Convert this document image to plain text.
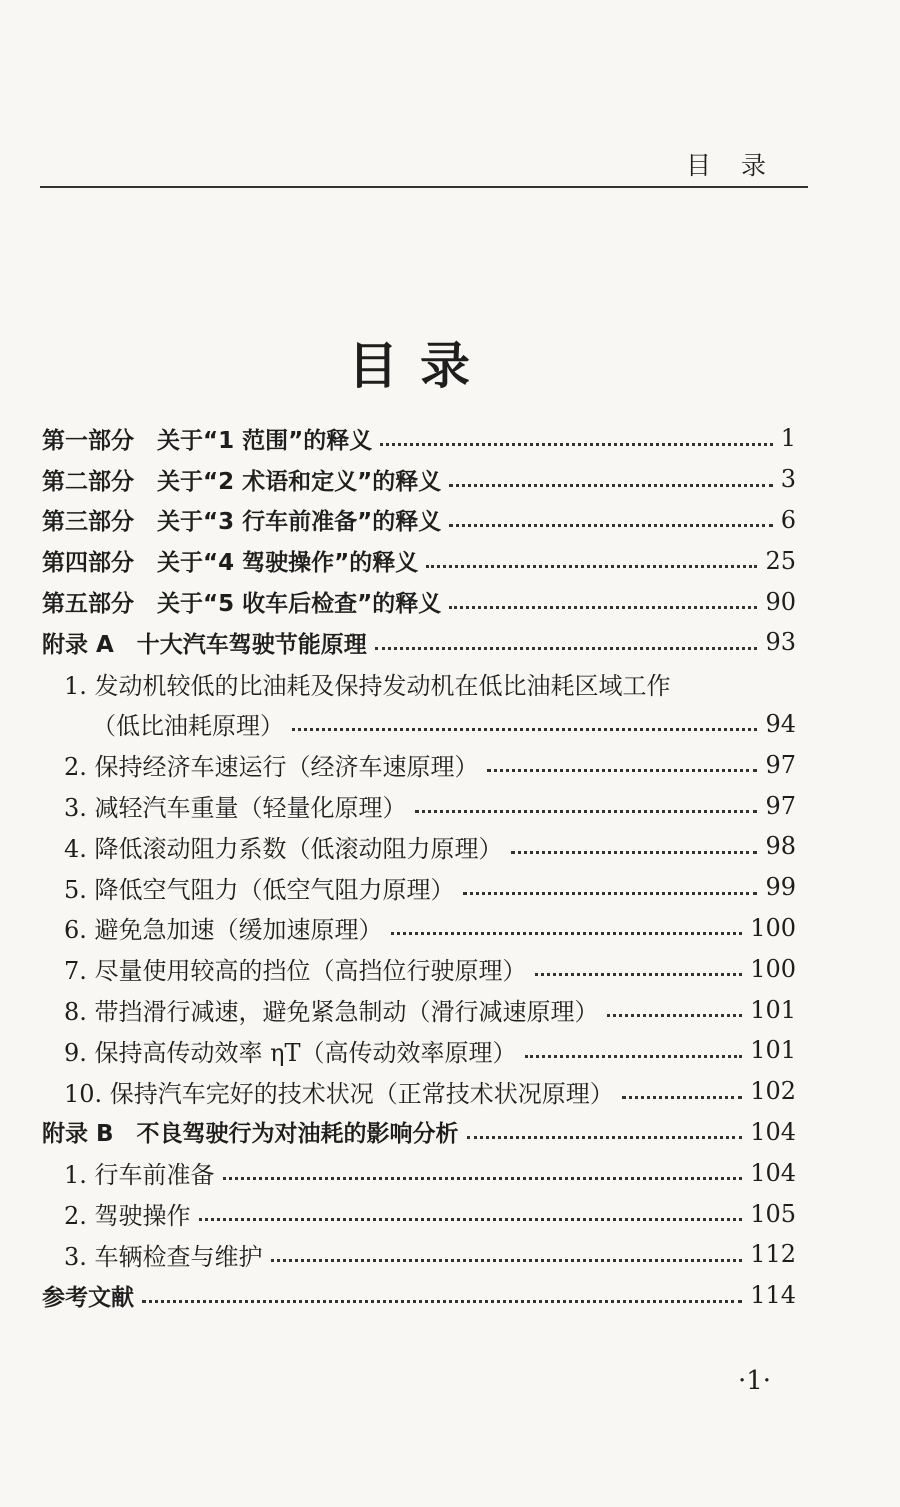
目录
目录
第一部分　关于“1 范围”的释义	1
第二部分　关于“2 术语和定义”的释义	3
第三部分　关于“3 行车前准备”的释义	6
第四部分　关于“4 驾驶操作”的释义	25
第五部分　关于“5 收车后检查”的释义	90
附录 A　十大汽车驾驶节能原理	93
1. 发动机较低的比油耗及保持发动机在低比油耗区域工作
（低比油耗原理）	94
2. 保持经济车速运行（经济车速原理）	97
3. 减轻汽车重量（轻量化原理）	97
4. 降低滚动阻力系数（低滚动阻力原理）	98
5. 降低空气阻力（低空气阻力原理）	99
6. 避免急加速（缓加速原理）	100
7. 尽量使用较高的挡位（高挡位行驶原理）	100
8. 带挡滑行减速，避免紧急制动（滑行减速原理）	101
9. 保持高传动效率 ηT（高传动效率原理）	101
10. 保持汽车完好的技术状况（正常技术状况原理）	102
附录 B　不良驾驶行为对油耗的影响分析	104
1. 行车前准备	104
2. 驾驶操作	105
3. 车辆检查与维护	112
参考文献	114
·1·
